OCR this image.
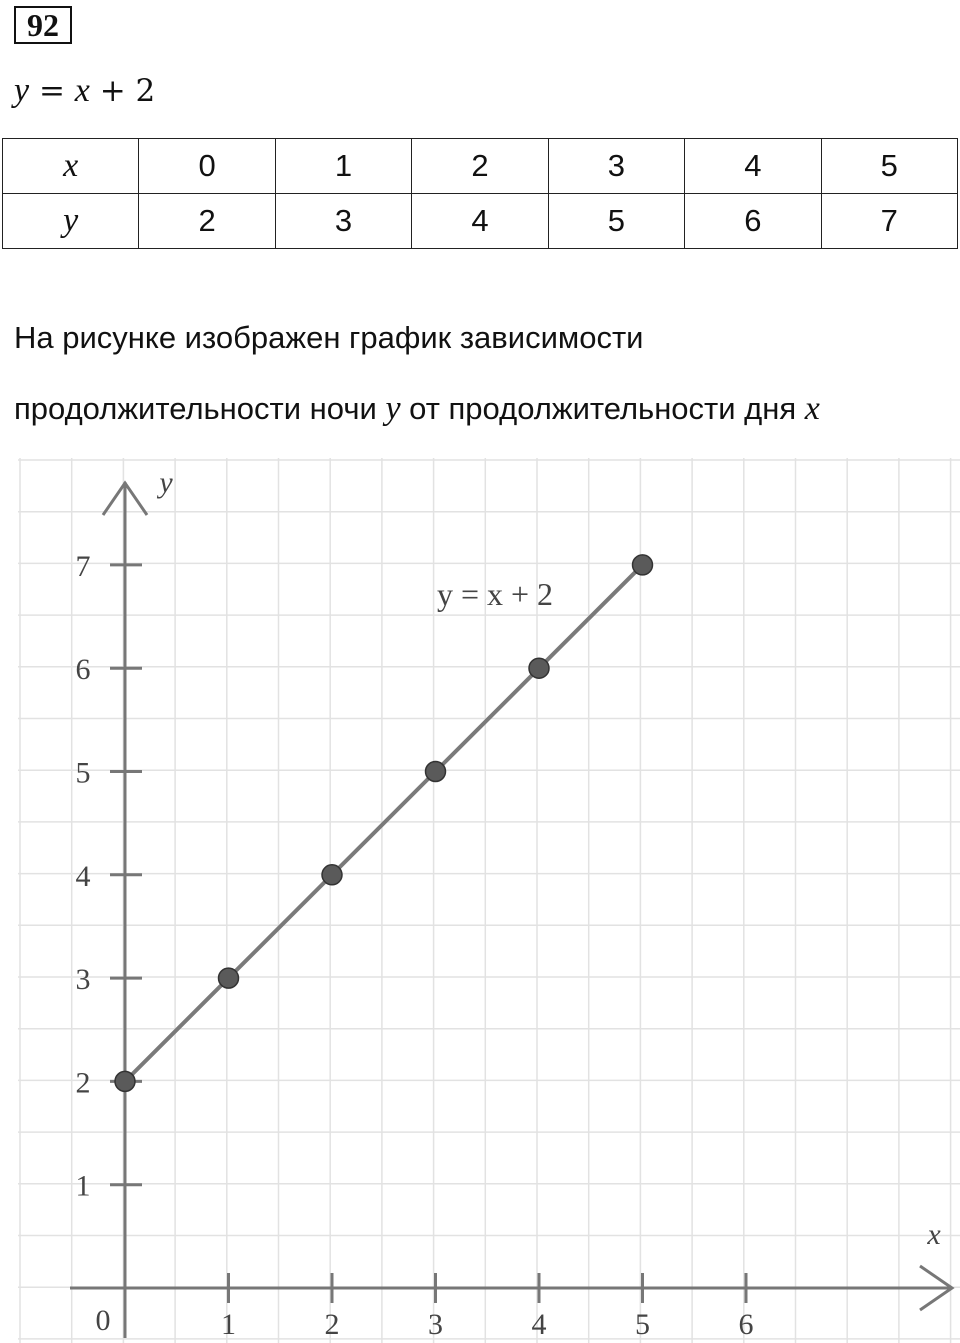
92
y = x + 2
x	0	1	2	3	4	5
y	2	3	4	5	6	7
На рисунке изображен график зависимости
продолжительности ночи y от продолжительности дня x
1
2
3
4
5
6
7
1	2	3	4	5	6
0
x
y
y = x + 2
